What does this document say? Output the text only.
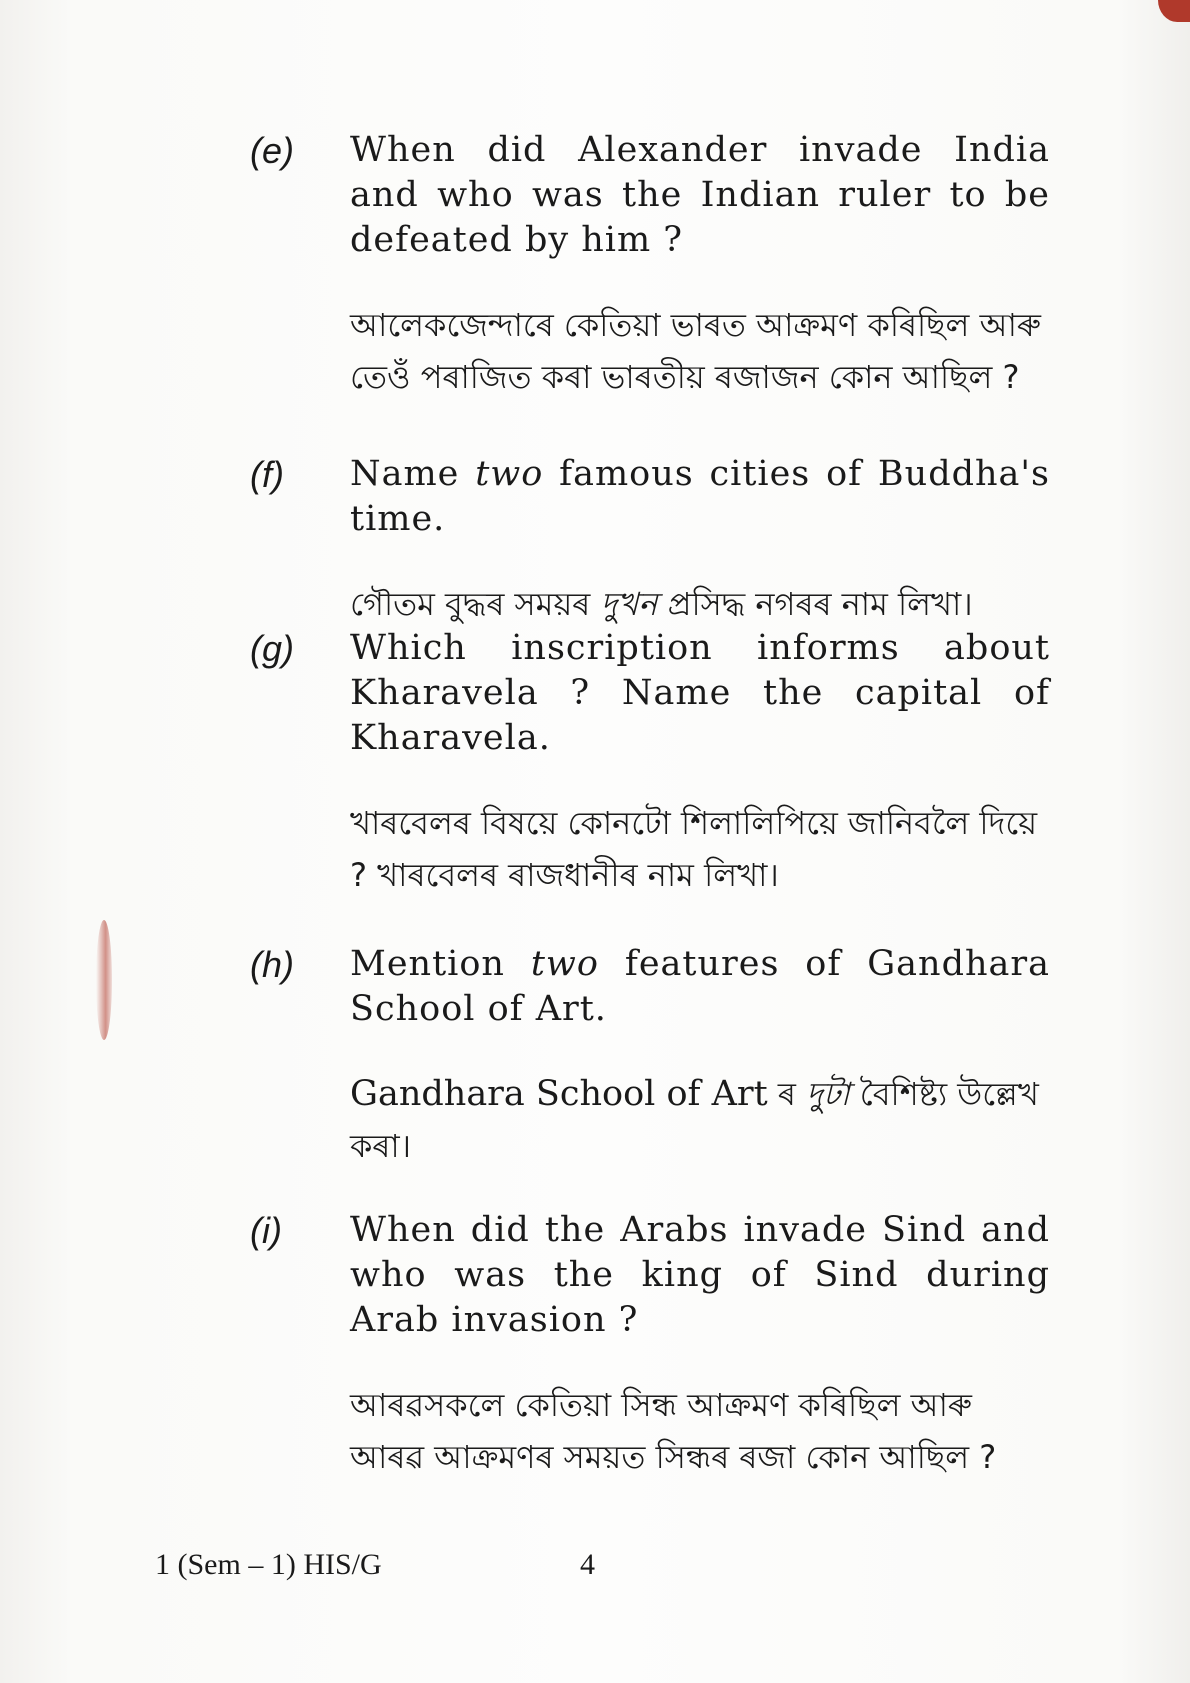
(e) When did Alexander invade India and who was the Indian ruler to be defeated by him ?
আলেকজেন্দাৰে কেতিয়া ভাৰত আক্ৰমণ কৰিছিল আৰু তেওঁ পৰাজিত কৰা ভাৰতীয় ৰজাজন কোন আছিল ?
(f) Name two famous cities of Buddha's time.
গৌতম বুদ্ধৰ সময়ৰ দুখন প্ৰসিদ্ধ নগৰৰ নাম লিখা।
(g) Which inscription informs about Kharavela ? Name the capital of Kharavela.
খাৰবেলৰ বিষয়ে কোনটো শিলালিপিয়ে জানিবলৈ দিয়ে ? খাৰবেলৰ ৰাজধানীৰ নাম লিখা।
(h) Mention two features of Gandhara School of Art.
Gandhara School of Art ৰ দুটা বৈশিষ্ট্য উল্লেখ কৰা।
(i) When did the Arabs invade Sind and who was the king of Sind during Arab invasion ?
আৰৱসকলে কেতিয়া সিন্ধ আক্ৰমণ কৰিছিল আৰু আৰৱ আক্ৰমণৰ সময়ত সিন্ধৰ ৰজা কোন আছিল ?
1 (Sem – 1) HIS/G	4
